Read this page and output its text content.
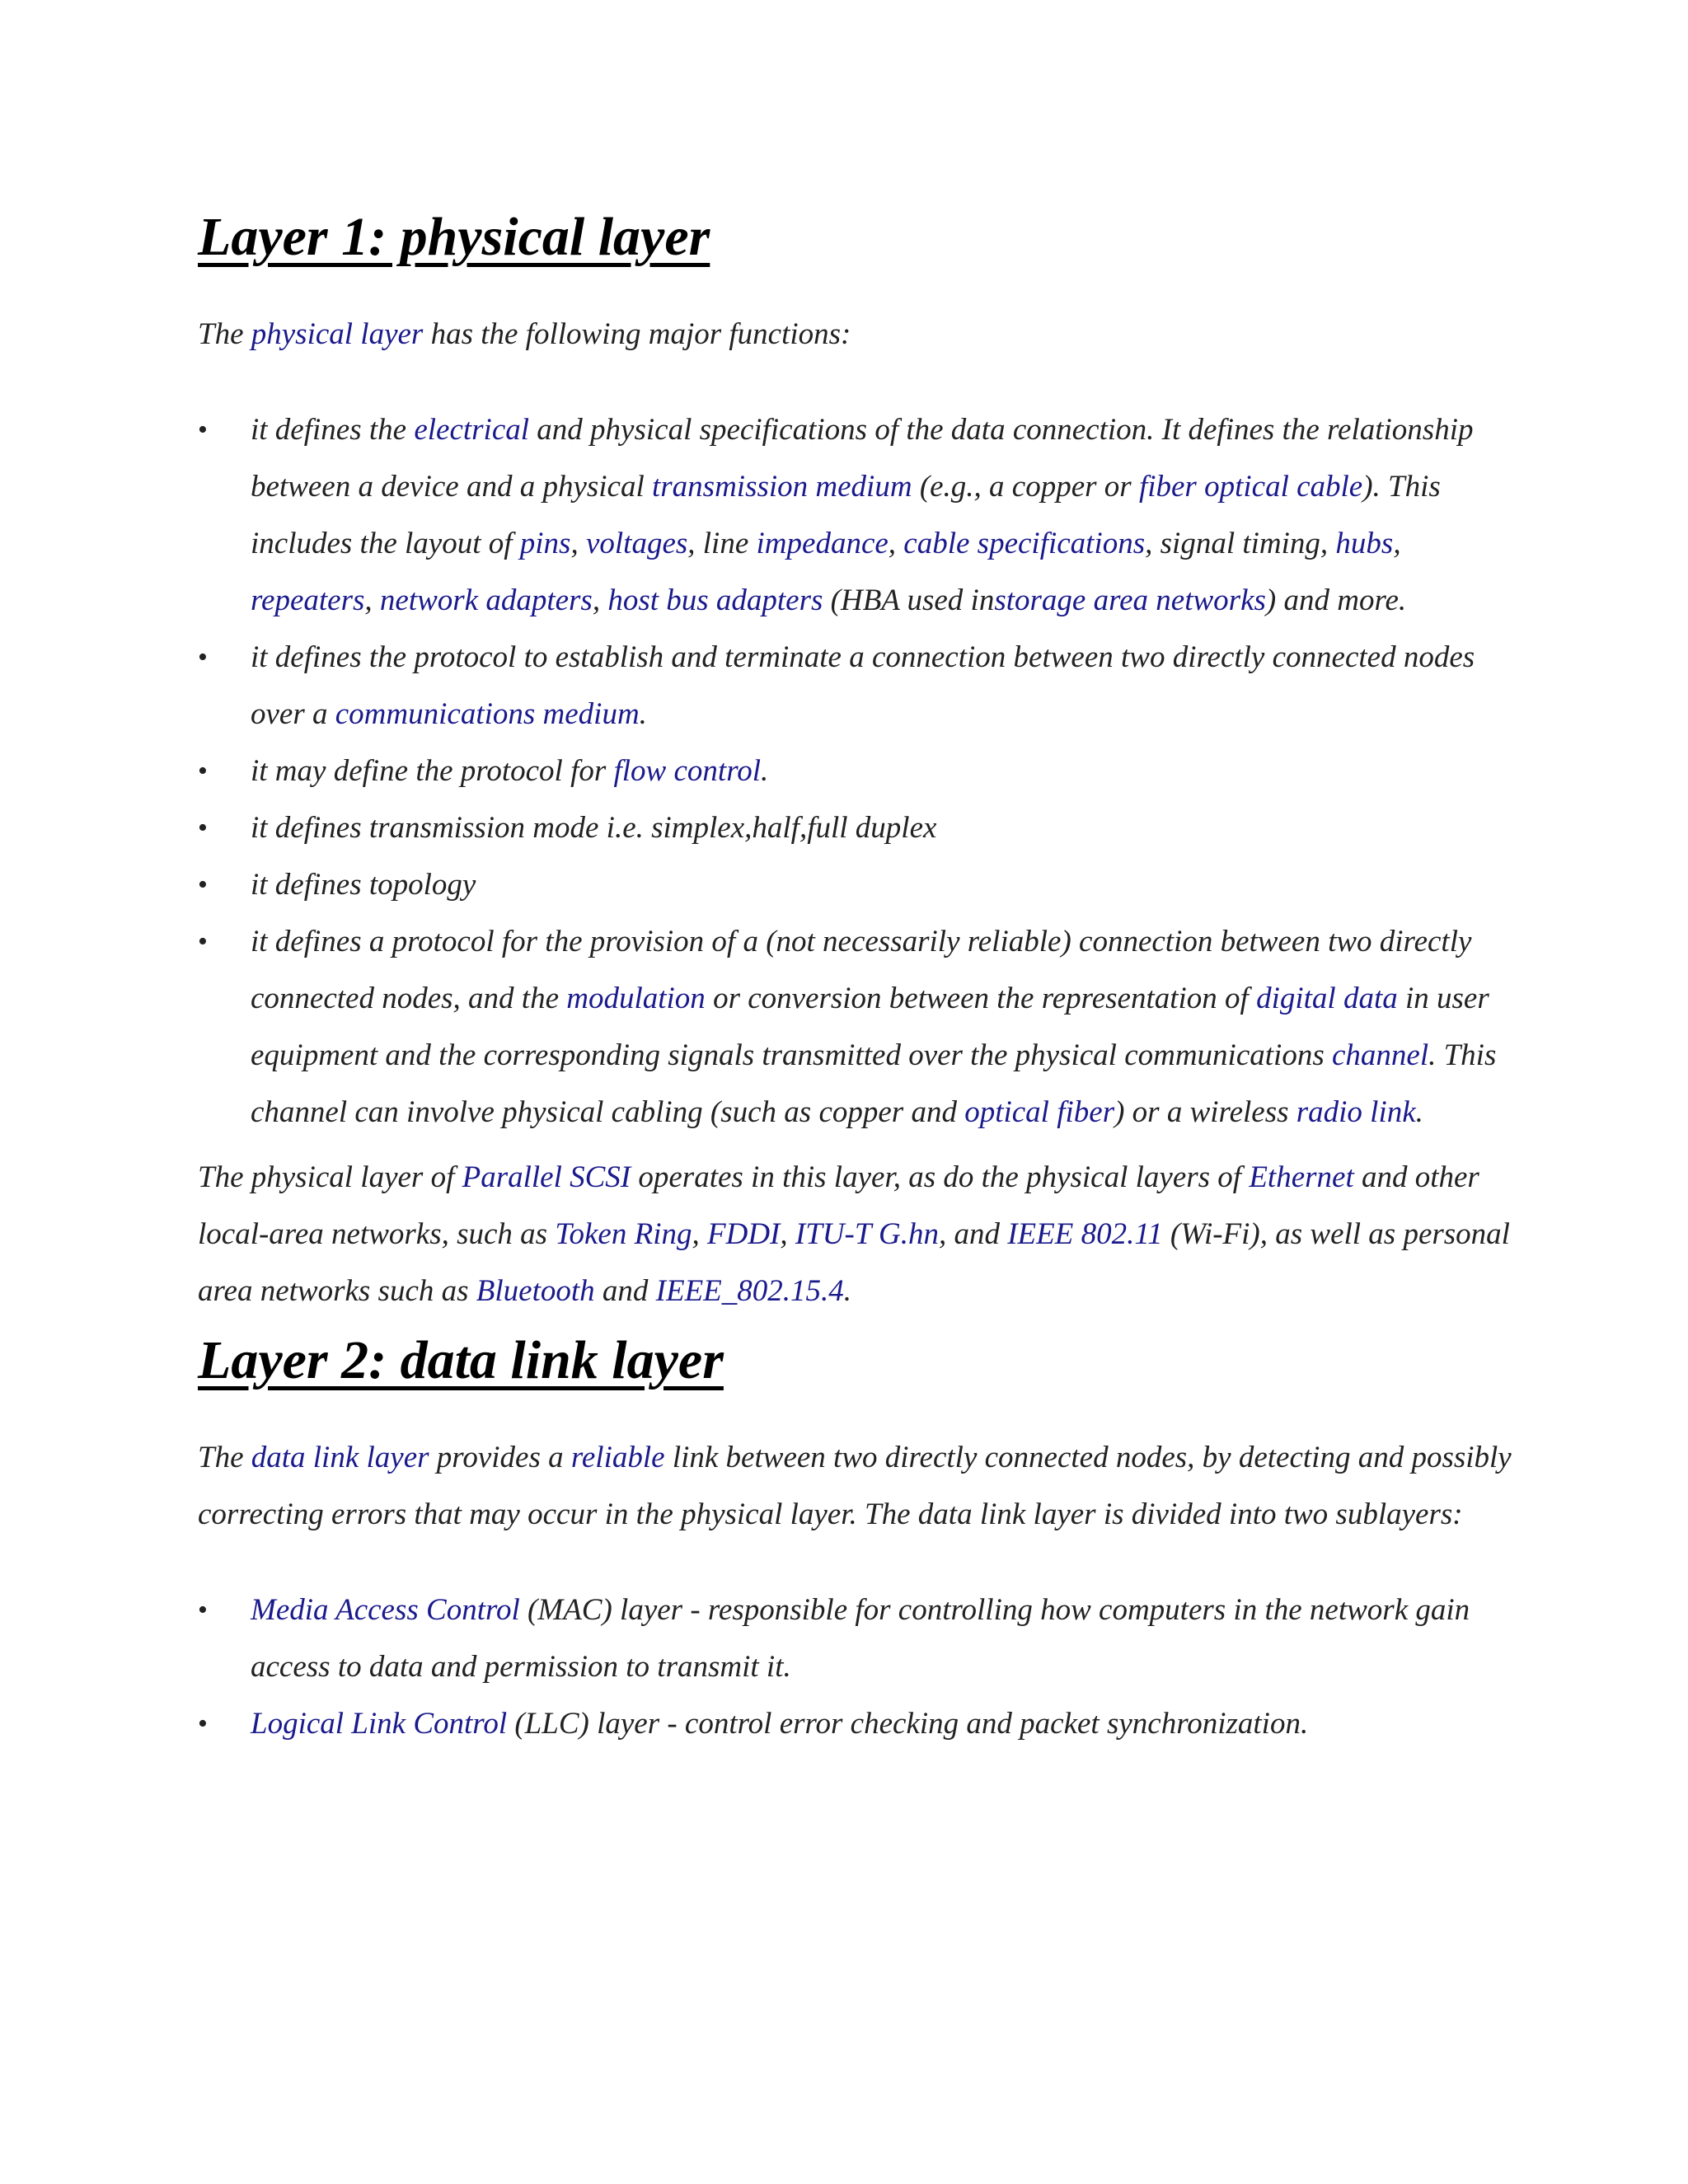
Layer 1: physical layer

The physical layer has the following major functions:

•	it defines the electrical and physical specifications of the data connection. It defines the relationship between a device and a physical transmission medium (e.g., a copper or fiber optical cable). This includes the layout of pins, voltages, line impedance, cable specifications, signal timing, hubs, repeaters, network adapters, host bus adapters (HBA used instorage area networks) and more.
•	it defines the protocol to establish and terminate a connection between two directly connected nodes over a communications medium.
•	it may define the protocol for flow control.
•	it defines transmission mode i.e. simplex,half,full duplex
•	it defines topology
•	it defines a protocol for the provision of a (not necessarily reliable) connection between two directly connected nodes, and the modulation or conversion between the representation of digital data in user equipment and the corresponding signals transmitted over the physical communications channel. This channel can involve physical cabling (such as copper and optical fiber) or a wireless radio link.

The physical layer of Parallel SCSI operates in this layer, as do the physical layers of Ethernet and other local-area networks, such as Token Ring, FDDI, ITU-T G.hn, and IEEE 802.11 (Wi-Fi), as well as personal area networks such as Bluetooth and IEEE_802.15.4.

Layer 2: data link layer

The data link layer provides a reliable link between two directly connected nodes, by detecting and possibly correcting errors that may occur in the physical layer. The data link layer is divided into two sublayers:

•	Media Access Control (MAC) layer - responsible for controlling how computers in the network gain access to data and permission to transmit it.
•	Logical Link Control (LLC) layer - control error checking and packet synchronization.
